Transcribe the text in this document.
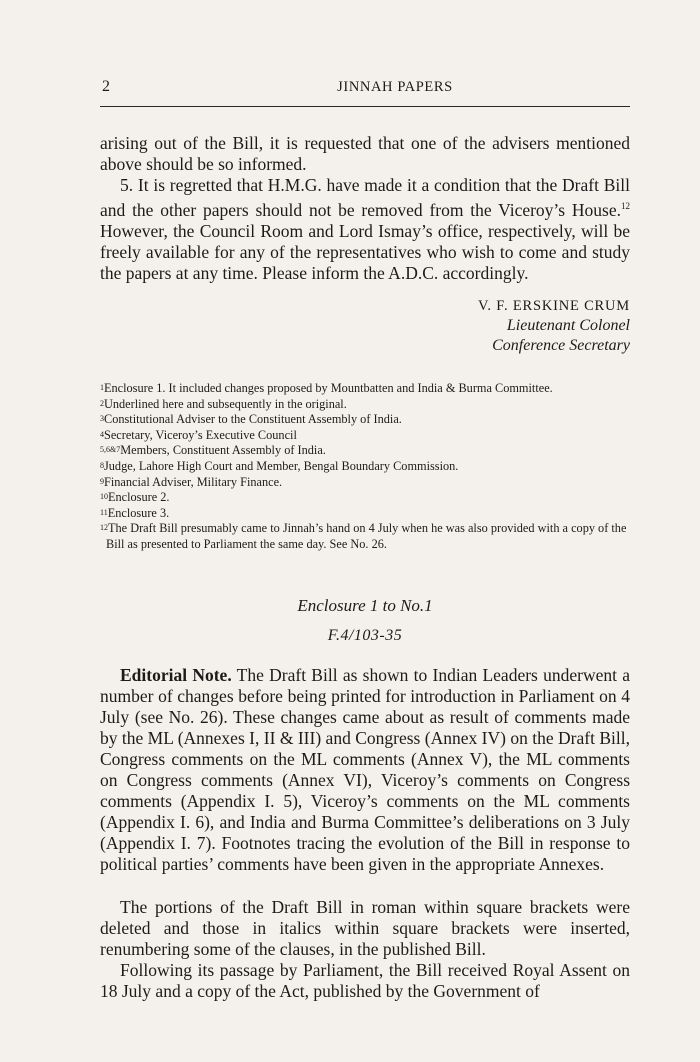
2	JINNAH PAPERS

arising out of the Bill, it is requested that one of the advisers mentioned above should be so informed.

5. It is regretted that H.M.G. have made it a condition that the Draft Bill and the other papers should not be removed from the Viceroy’s House.$^{12}$ However, the Council Room and Lord Ismay’s office, respectively, will be freely available for any of the representatives who wish to come and study the papers at any time. Please inform the A.D.C. accordingly.

V. F. ERSKINE CRUM
Lieutenant Colonel
Conference Secretary
$^1$Enclosure 1. It included changes proposed by Mountbatten and India & Burma Committee.
$^2$Underlined here and subsequently in the original.
$^3$Constitutional Adviser to the Constituent Assembly of India.
$^4$Secretary, Viceroy’s Executive Council
$^{5,6\&7}$Members, Constituent Assembly of India.
$^8$Judge, Lahore High Court and Member, Bengal Boundary Commission.
$^9$Financial Adviser, Military Finance.
$^{10}$Enclosure 2.
$^{11}$Enclosure 3.
$^{12}$The Draft Bill presumably came to Jinnah’s hand on 4 July when he was also provided with a copy of the Bill as presented to Parliament the same day. See No. 26.
Enclosure 1 to No.1
F.4/103-35

Editorial Note. The Draft Bill as shown to Indian Leaders underwent a number of changes before being printed for introduction in Parliament on 4 July (see No. 26). These changes came about as result of comments made by the ML (Annexes I, II & III) and Congress (Annex IV) on the Draft Bill, Congress comments on the ML comments (Annex V), the ML comments on Congress comments (Annex VI), Viceroy’s comments on Congress comments (Appendix I. 5), Viceroy’s comments on the ML comments (Appendix I. 6), and India and Burma Committee’s deliberations on 3 July (Appendix I. 7). Footnotes tracing the evolution of the Bill in response to political parties’ comments have been given in the appropriate Annexes.

The portions of the Draft Bill in roman within square brackets were deleted and those in italics within square brackets were inserted, renumbering some of the clauses, in the published Bill.

Following its passage by Parliament, the Bill received Royal Assent on 18 July and a copy of the Act, published by the Government of
